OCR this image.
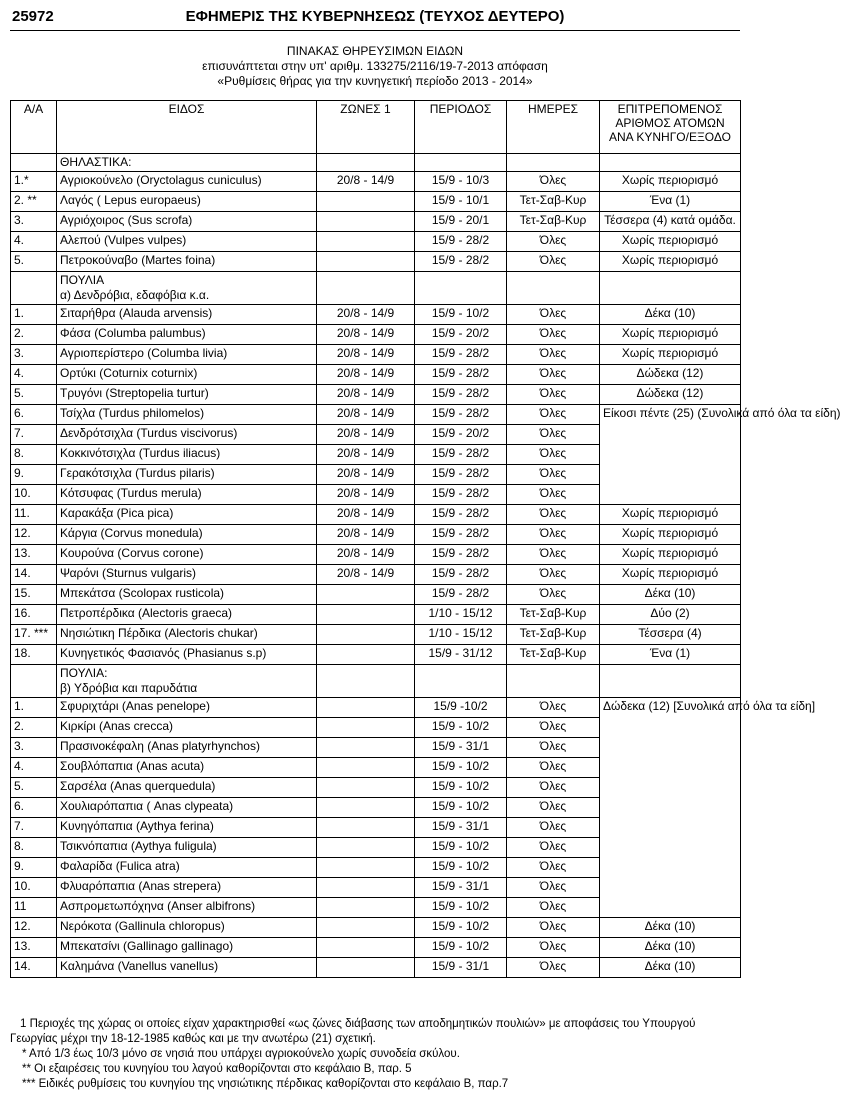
25972	ΕΦΗΜΕΡΙΣ ΤΗΣ ΚΥΒΕΡΝΗΣΕΩΣ (ΤΕΥΧΟΣ ΔΕΥΤΕΡΟ)
ΠΙΝΑΚΑΣ ΘΗΡΕΥΣΙΜΩΝ ΕΙΔΩΝ
επισυνάπτεται στην υπ' αριθμ. 133275/2116/19-7-2013 απόφαση
«Ρυθμίσεις θήρας για την κυνηγετική περίοδο 2013 - 2014»
Α/Α	ΕΙΔΟΣ	ΖΩΝΕΣ 1	ΠΕΡΙΟΔΟΣ	ΗΜΕΡΕΣ	ΕΠΙΤΡΕΠΟΜΕΝΟΣ ΑΡΙΘΜΟΣ ΑΤΟΜΩΝ ΑΝΑ ΚΥΝΗΓΟ/ΕΞΟΔΟ

	ΘΗΛΑΣΤΙΚΑ:				

1.*	Αγριοκούνελο (Oryctolagus cuniculus)	20/8 - 14/9	15/9 - 10/3	Όλες	Χωρίς περιορισμό
2. **	Λαγός ( Lepus europaeus)		15/9 - 10/1	Τετ-Σαβ-Κυρ	Ένα (1)
3.	Αγριόχοιρος (Sus scrofa)		15/9 - 20/1	Τετ-Σαβ-Κυρ	Τέσσερα (4) κατά ομάδα.
4.	Αλεπού (Vulpes vulpes)		15/9 - 28/2	Όλες	Χωρίς περιορισμό
5.	Πετροκούναβο (Martes foina)		15/9 - 28/2	Όλες	Χωρίς περιορισμό

	ΠΟΥΛΙΑ
α) Δενδρόβια, εδαφόβια κ.α.				

1.	Σιταρήθρα (Alauda arvensis)	20/8 - 14/9	15/9 - 10/2	Όλες	Δέκα (10)
2.	Φάσα (Columba palumbus)	20/8 - 14/9	15/9 - 20/2	Όλες	Χωρίς περιορισμό
3.	Αγριοπερίστερο (Columba livia)	20/8 - 14/9	15/9 - 28/2	Όλες	Χωρίς περιορισμό
4.	Ορτύκι (Coturnix coturnix)	20/8 - 14/9	15/9 - 28/2	Όλες	Δώδεκα (12)
5.	Τρυγόνι (Streptopelia turtur)	20/8 - 14/9	15/9 - 28/2	Όλες	Δώδεκα (12)
6.	Τσίχλα (Turdus philomelos)	20/8 - 14/9	15/9 - 28/2	Όλες	Είκοσι πέντε (25) (Συνολικά από όλα τα είδη)
7.	Δενδρότσιχλα (Turdus viscivorus)	20/8 - 14/9	15/9 - 20/2	Όλες	
8.	Κοκκινότσιχλα (Turdus iliacus)	20/8 - 14/9	15/9 - 28/2	Όλες	
9.	Γερακότσιχλα (Turdus pilaris)	20/8 - 14/9	15/9 - 28/2	Όλες	
10.	Κότσυφας (Turdus merula)	20/8 - 14/9	15/9 - 28/2	Όλες	
11.	Καρακάξα (Pica pica)	20/8 - 14/9	15/9 - 28/2	Όλες	Χωρίς περιορισμό
12.	Κάργια (Corvus monedula)	20/8 - 14/9	15/9 - 28/2	Όλες	Χωρίς περιορισμό
13.	Κουρούνα (Corvus corone)	20/8 - 14/9	15/9 - 28/2	Όλες	Χωρίς περιορισμό
14.	Ψαρόνι (Sturnus vulgaris)	20/8 - 14/9	15/9 - 28/2	Όλες	Χωρίς περιορισμό
15.	Μπεκάτσα (Scolopax rusticola)		15/9 - 28/2	Όλες	Δέκα (10)
16.	Πετροπέρδικα (Alectoris graeca)		1/10 - 15/12	Τετ-Σαβ-Κυρ	Δύο (2)
17. ***	Νησιώτικη Πέρδικα (Alectoris chukar)		1/10 - 15/12	Τετ-Σαβ-Κυρ	Τέσσερα (4)
18.	Κυνηγετικός Φασιανός (Phasianus s.p)		15/9 - 31/12	Τετ-Σαβ-Κυρ	Ένα (1)

	ΠΟΥΛΙΑ:
β) Υδρόβια και παρυδάτια				

1.	Σφυριχτάρι (Anas penelope)		15/9 -10/2	Όλες	Δώδεκα (12) [Συνολικά από όλα τα είδη]
2.	Κιρκίρι (Anas crecca)		15/9 - 10/2	Όλες	
3.	Πρασινοκέφαλη (Anas platyrhynchos)		15/9 - 31/1	Όλες	
4.	Σουβλόπαπια (Anas acuta)		15/9 - 10/2	Όλες	
5.	Σαρσέλα (Anas querquedula)		15/9 - 10/2	Όλες	
6.	Χουλιαρόπαπια ( Anas clypeata)		15/9 - 10/2	Όλες	
7.	Κυνηγόπαπια (Aythya ferina)		15/9 - 31/1	Όλες	
8.	Τσικνόπαπια (Aythya fuligula)		15/9 - 10/2	Όλες	
9.	Φαλαρίδα (Fulica atra)		15/9 - 10/2	Όλες	
10.	Φλυαρόπαπια (Anas strepera)		15/9 - 31/1	Όλες	
11	Ασπρομετωπόχηνα (Anser albifrons)		15/9 - 10/2	Όλες	
12.	Νερόκοτα (Gallinula chloropus)		15/9 - 10/2	Όλες	Δέκα (10)
13.	Μπεκατσίνι (Gallinago gallinago)		15/9 - 10/2	Όλες	Δέκα (10)
14.	Καλημάνα (Vanellus vanellus)		15/9 - 31/1	Όλες	Δέκα (10)
1 Περιοχές της χώρας οι οποίες είχαν χαρακτηρισθεί «ως ζώνες διάβασης των αποδημητικών πουλιών» με αποφάσεις του Υπουργού Γεωργίας μέχρι την 18-12-1985 καθώς και με την ανωτέρω (21) σχετική.
* Από 1/3 έως 10/3 μόνο σε νησιά που υπάρχει αγριοκούνελο χωρίς συνοδεία σκύλου.
** Οι εξαιρέσεις του κυνηγίου του λαγού καθορίζονται στο κεφάλαιο Β, παρ. 5
*** Ειδικές ρυθμίσεις του κυνηγίου της νησιώτικης πέρδικας καθορίζονται στο κεφάλαιο Β, παρ.7
